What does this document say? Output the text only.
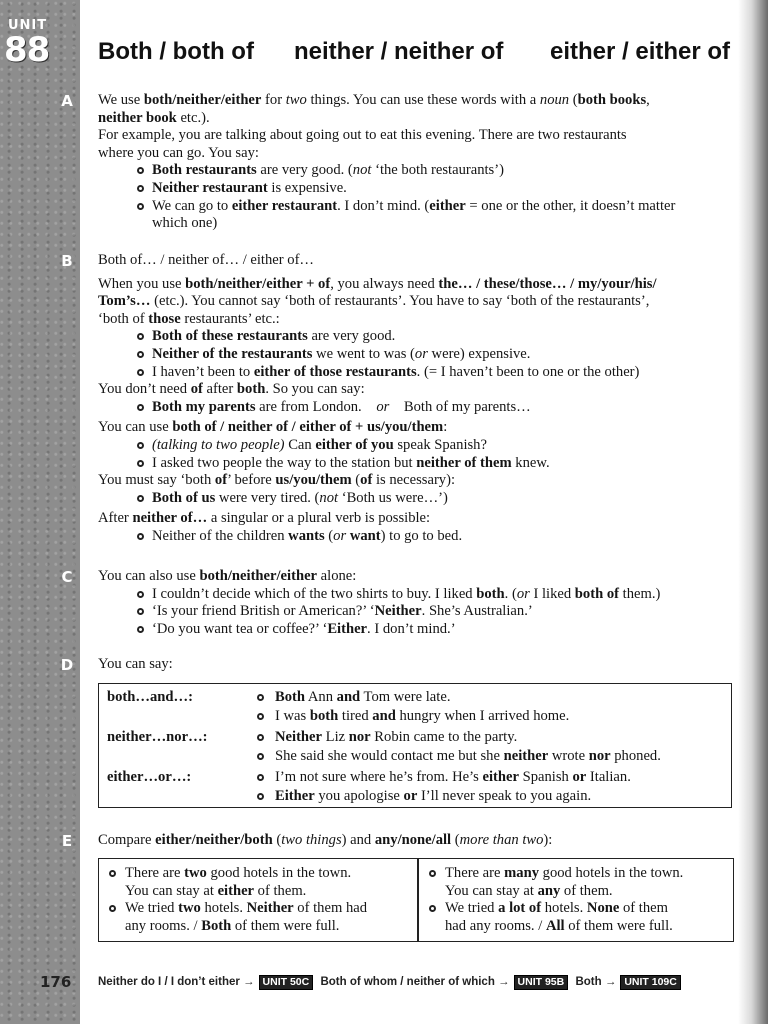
UNIT
88 Both / both of neither / neither of either / either of
A
B
C
D
E
We use both/neither/either for two things. You can use these words with a noun (both books,
neither book etc.).
For example, you are talking about going out to eat this evening. There are two restaurants
where you can go. You say:
Both restaurants are very good. (not ‘the both restaurants’)
Neither restaurant is expensive.
We can go to either restaurant. I don’t mind. (either = one or the other, it doesn’t matter
which one)
Both of… / neither of… / either of…
When you use both/neither/either + of, you always need the… / these/those… / my/your/his/
Tom’s… (etc.). You cannot say ‘both of restaurants’. You have to say ‘both of the restaurants’,
‘both of those restaurants’ etc.:
Both of these restaurants are very good.
Neither of the restaurants we went to was (or were) expensive.
I haven’t been to either of those restaurants. (= I haven’t been to one or the other)
You don’t need of after both. So you can say:
Both my parents are from London. or Both of my parents…
You can use both of / neither of / either of + us/you/them:
(talking to two people) Can either of you speak Spanish?
I asked two people the way to the station but neither of them knew.
You must say ‘both of’ before us/you/them (of is necessary):
Both of us were very tired. (not ‘Both us were…’)
After neither of… a singular or a plural verb is possible:
Neither of the children wants (or want) to go to bed.
You can also use both/neither/either alone:
I couldn’t decide which of the two shirts to buy. I liked both. (or I liked both of them.)
‘Is your friend British or American?’ ‘Neither. She’s Australian.’
‘Do you want tea or coffee?’ ‘Either. I don’t mind.’
You can say:
both…and…:	Both Ann and Tom were late.
I was both tired and hungry when I arrived home.
neither…nor…:	Neither Liz nor Robin came to the party.
She said she would contact me but she neither wrote nor phoned.
either…or…:	I’m not sure where he’s from. He’s either Spanish or Italian.
Either you apologise or I’ll never speak to you again.
Compare either/neither/both (two things) and any/none/all (more than two):
There are two good hotels in the town.
You can stay at either of them.
We tried two hotels. Neither of them had
any rooms. / Both of them were full.
There are many good hotels in the town.
You can stay at any of them.
We tried a lot of hotels. None of them
had any rooms. / All of them were full.
176 Neither do I / I don’t either → UNIT 50C Both of whom / neither of which → UNIT 95B Both → UNIT 109C
